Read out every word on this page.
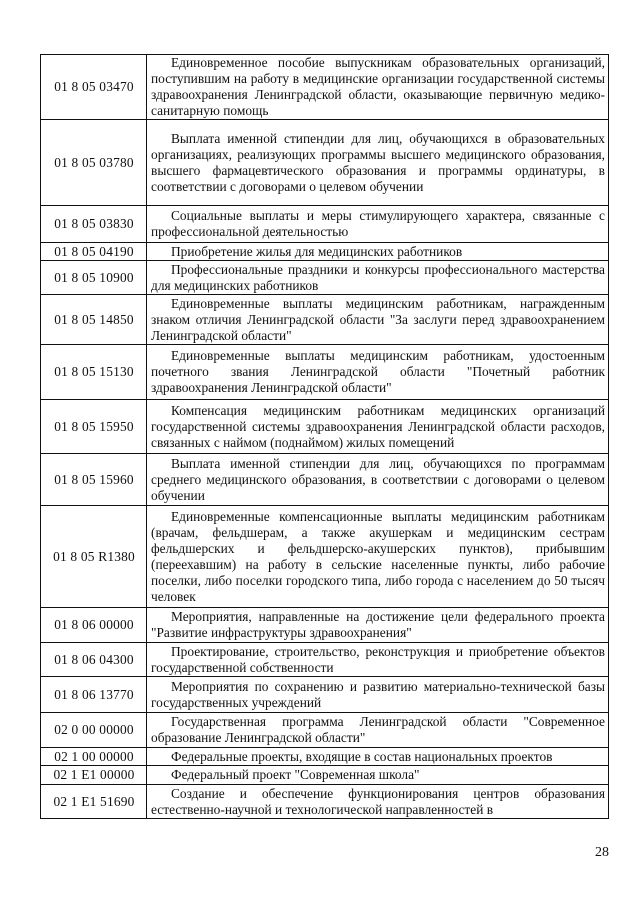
01 8 05 03470	Единовременное пособие выпускникам образовательных организаций, поступившим на работу в медицинские организации государственной системы здравоохранения Ленинградской области, оказывающие первичную медико-санитарную помощь

01 8 05 03780	Выплата именной стипендии для лиц, обучающихся в образовательных организациях, реализующих программы высшего медицинского образования, высшего фармацевтического образования и программы ординатуры, в соответствии с договорами о целевом обучении

01 8 05 03830	Социальные выплаты и меры стимулирующего характера, связанные с профессиональной деятельностью

01 8 05 04190	Приобретение жилья для медицинских работников

01 8 05 10900	Профессиональные праздники и конкурсы профессионального мастерства для медицинских работников

01 8 05 14850	Единовременные выплаты медицинским работникам, награжденным знаком отличия Ленинградской области "За заслуги перед здравоохранением Ленинградской области"

01 8 05 15130	Единовременные выплаты медицинским работникам, удостоенным почетного звания Ленинградской области "Почетный работник здравоохранения Ленинградской области"

01 8 05 15950	Компенсация медицинским работникам медицинских организаций государственной системы здравоохранения Ленинградской области расходов, связанных с наймом (поднаймом) жилых помещений

01 8 05 15960	Выплата именной стипендии для лиц, обучающихся по программам среднего медицинского образования, в соответствии с договорами о целевом обучении

01 8 05 R1380	Единовременные компенсационные выплаты медицинским работникам (врачам, фельдшерам, а также акушеркам и медицинским сестрам фельдшерских и фельдшерско-акушерских пунктов), прибывшим (переехавшим) на работу в сельские населенные пункты, либо рабочие поселки, либо поселки городского типа, либо города с населением до 50 тысяч человек

01 8 06 00000	Мероприятия, направленные на достижение цели федерального проекта "Развитие инфраструктуры здравоохранения"

01 8 06 04300	Проектирование, строительство, реконструкция и приобретение объектов государственной собственности

01 8 06 13770	Мероприятия по сохранению и развитию материально-технической базы государственных учреждений

02 0 00 00000	Государственная программа Ленинградской области "Современное образование Ленинградской области"

02 1 00 00000	Федеральные проекты, входящие в состав национальных проектов

02 1 E1 00000	Федеральный проект "Современная школа"

02 1 E1 51690	Создание и обеспечение функционирования центров образования естественно-научной и технологической направленностей в
28
